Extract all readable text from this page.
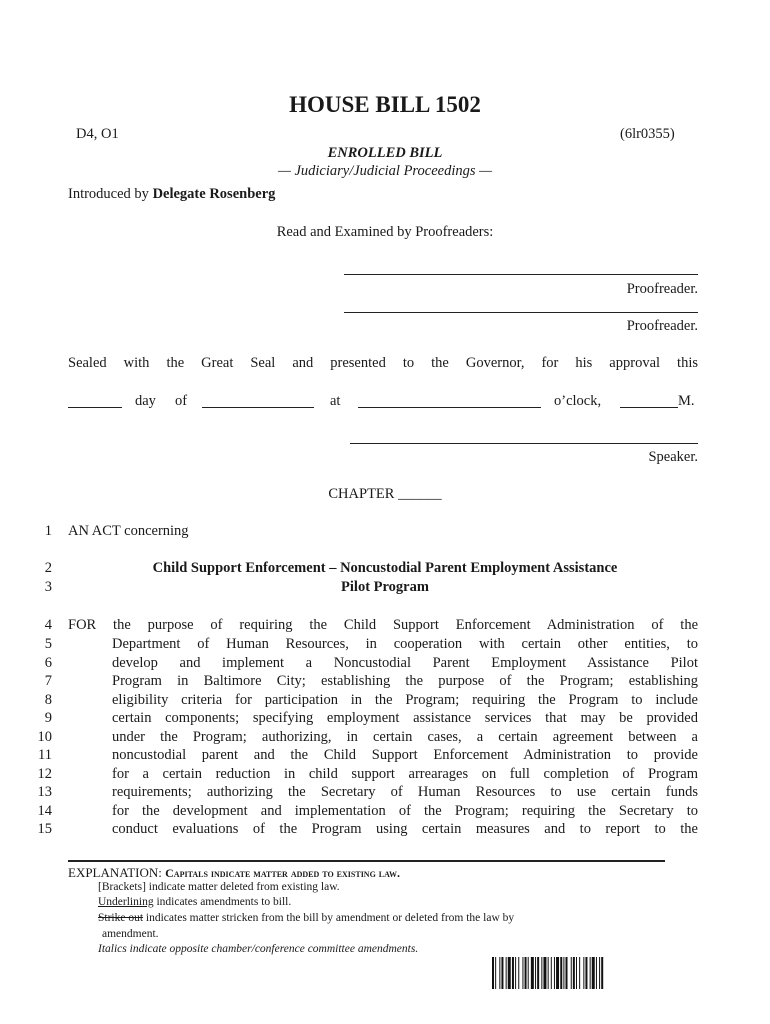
HOUSE BILL 1502
D4, O1	(6lr0355)
ENROLLED BILL
— Judiciary/Judicial Proceedings —
Introduced by Delegate Rosenberg
Read and Examined by Proofreaders:
Proofreader.
Proofreader.
Sealed with the Great Seal and presented to the Governor, for his approval this
day of	at	o’clock,	M.
Speaker.
CHAPTER ______
1 AN ACT concerning
2	Child Support Enforcement – Noncustodial Parent Employment Assistance
3	Pilot Program
4 FOR the purpose of requiring the Child Support Enforcement Administration of the
5	Department of Human Resources, in cooperation with certain other entities, to
6	develop and implement a Noncustodial Parent Employment Assistance Pilot
7	Program in Baltimore City; establishing the purpose of the Program; establishing
8	eligibility criteria for participation in the Program; requiring the Program to include
9	certain components; specifying employment assistance services that may be provided
10	under the Program; authorizing, in certain cases, a certain agreement between a
11	noncustodial parent and the Child Support Enforcement Administration to provide
12	for a certain reduction in child support arrearages on full completion of Program
13	requirements; authorizing the Secretary of Human Resources to use certain funds
14	for the development and implementation of the Program; requiring the Secretary to
15	conduct evaluations of the Program using certain measures and to report to the
EXPLANATION: Capitals indicate matter added to existing law.
[Brackets] indicate matter deleted from existing law.
Underlining indicates amendments to bill.
Strike out indicates matter stricken from the bill by amendment or deleted from the law by
amendment.
Italics indicate opposite chamber/conference committee amendments.
